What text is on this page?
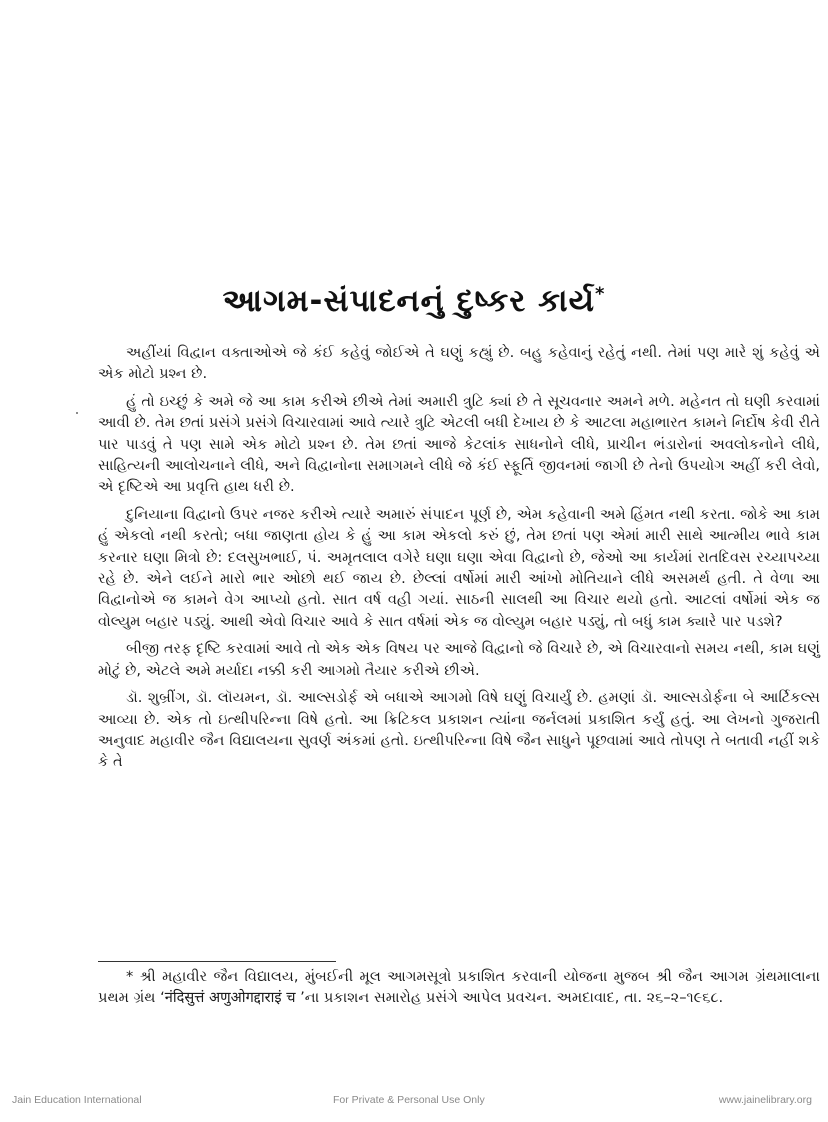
આગમ-સંપાદનનું દુષ્કર કાર્ય*

અહીંયાં વિદ્વાન વક્તાઓએ જે કંઈ કહેવું જોઈએ તે ઘણું કહ્યું છે. બહુ કહેવાનું રહેતું નથી. તેમાં પણ મારે શું કહેવું એ એક મોટો પ્રશ્ન છે.

હું તો ઇચ્છું કે અમે જે આ કામ કરીએ છીએ તેમાં અમારી ત્રુટિ ક્યાં છે તે સૂચવનાર અમને મળે. મહેનત તો ઘણી કરવામાં આવી છે. તેમ છતાં પ્રસંગે પ્રસંગે વિચારવામાં આવે ત્યારે ત્રુટિ એટલી બધી દેખાય છે કે આટલા મહાભારત કામને નિર્દોષ કેવી રીતે પાર પાડવું તે પણ સામે એક મોટો પ્રશ્ન છે. તેમ છતાં આજે કેટલાંક સાધનોને લીધે, પ્રાચીન ભંડારોનાં અવલોકનોને લીધે, સાહિત્યની આલોચનાને લીધે, અને વિદ્વાનોના સમાગમને લીધે જે કંઈ સ્ફૂર્તિ જીવનમાં જાગી છે તેનો ઉપયોગ અહીં કરી લેવો, એ દૃષ્ટિએ આ પ્રવૃત્તિ હાથ ધરી છે.

દુનિયાના વિદ્વાનો ઉપર નજર કરીએ ત્યારે અમારું સંપાદન પૂર્ણ છે, એમ કહેવાની અમે હિંમત નથી કરતા. જોકે આ કામ હું એકલો નથી કરતો; બધા જાણતા હોય કે હું આ કામ એકલો કરું છું, તેમ છતાં પણ એમાં મારી સાથે આત્મીય ભાવે કામ કરનાર ઘણા મિત્રો છે: દલસુખભાઈ, પં. અમૃતલાલ વગેરે ઘણા ઘણા એવા વિદ્વાનો છે, જેઓ આ કાર્યમાં રાતદિવસ રચ્યાપચ્યા રહે છે. એને લઈને મારો ભાર ઓછો થઈ જાય છે. છેલ્લાં વર્ષોમાં મારી આંખો મોતિયાને લીધે અસમર્થ હતી. તે વેળા આ વિદ્વાનોએ જ કામને વેગ આપ્યો હતો. સાત વર્ષ વહી ગયાં. સાઠની સાલથી આ વિચાર થયો હતો. આટલાં વર્ષોમાં એક જ વોલ્યુમ બહાર પડ્યું. આથી એવો વિચાર આવે કે સાત વર્ષમાં એક જ વોલ્યુમ બહાર પડ્યું, તો બધું કામ ક્યારે પાર પડશે?

બીજી તરફ દૃષ્ટિ કરવામાં આવે તો એક એક વિષય પર આજે વિદ્વાનો જે વિચારે છે, એ વિચારવાનો સમય નથી, કામ ઘણું મોટું છે, એટલે અમે મર્યાદા નક્કી કરી આગમો તૈયાર કરીએ છીએ.

ડૉ. શુબ્રીંગ, ડૉ. લૉયમન, ડૉ. આલ્સડોર્ફ એ બધાએ આગમો વિષે ઘણું વિચાર્યું છે. હમણાં ડૉ. આલ્સડોર્ફના બે આર્ટિકલ્સ આવ્યા છે. એક તો ઇત્થીપરિન્ના વિષે હતો. આ ક્રિટિકલ પ્રકાશન ત્યાંના જર્નલમાં પ્રકાશિત કર્યું હતું. આ લેખનો ગુજરાતી અનુવાદ મહાવીર જૈન વિદ્યાલયના સુવર્ણ અંકમાં હતો. ઇત્થીપરિન્ના વિષે જૈન સાધુને પૂછવામાં આવે તોપણ તે બતાવી નહીં શકે કે તે

* શ્રી મહાવીર જૈન વિદ્યાલય, મુંબઈની મૂલ આગમસૂત્રો પ્રકાશિત કરવાની યોજના મુજબ શ્રી જૈન આગમ ગ્રંથમાલાના પ્રથમ ગ્રંથ ‘नंदिसुत्तं अणुओगद्दाराइं च ’ના પ્રકાશન સમારોહ પ્રસંગે આપેલ પ્રવચન. અમદાવાદ, તા. ૨૬–૨–૧૯૬૮.
Jain Education International	For Private & Personal Use Only	www.jainelibrary.org
